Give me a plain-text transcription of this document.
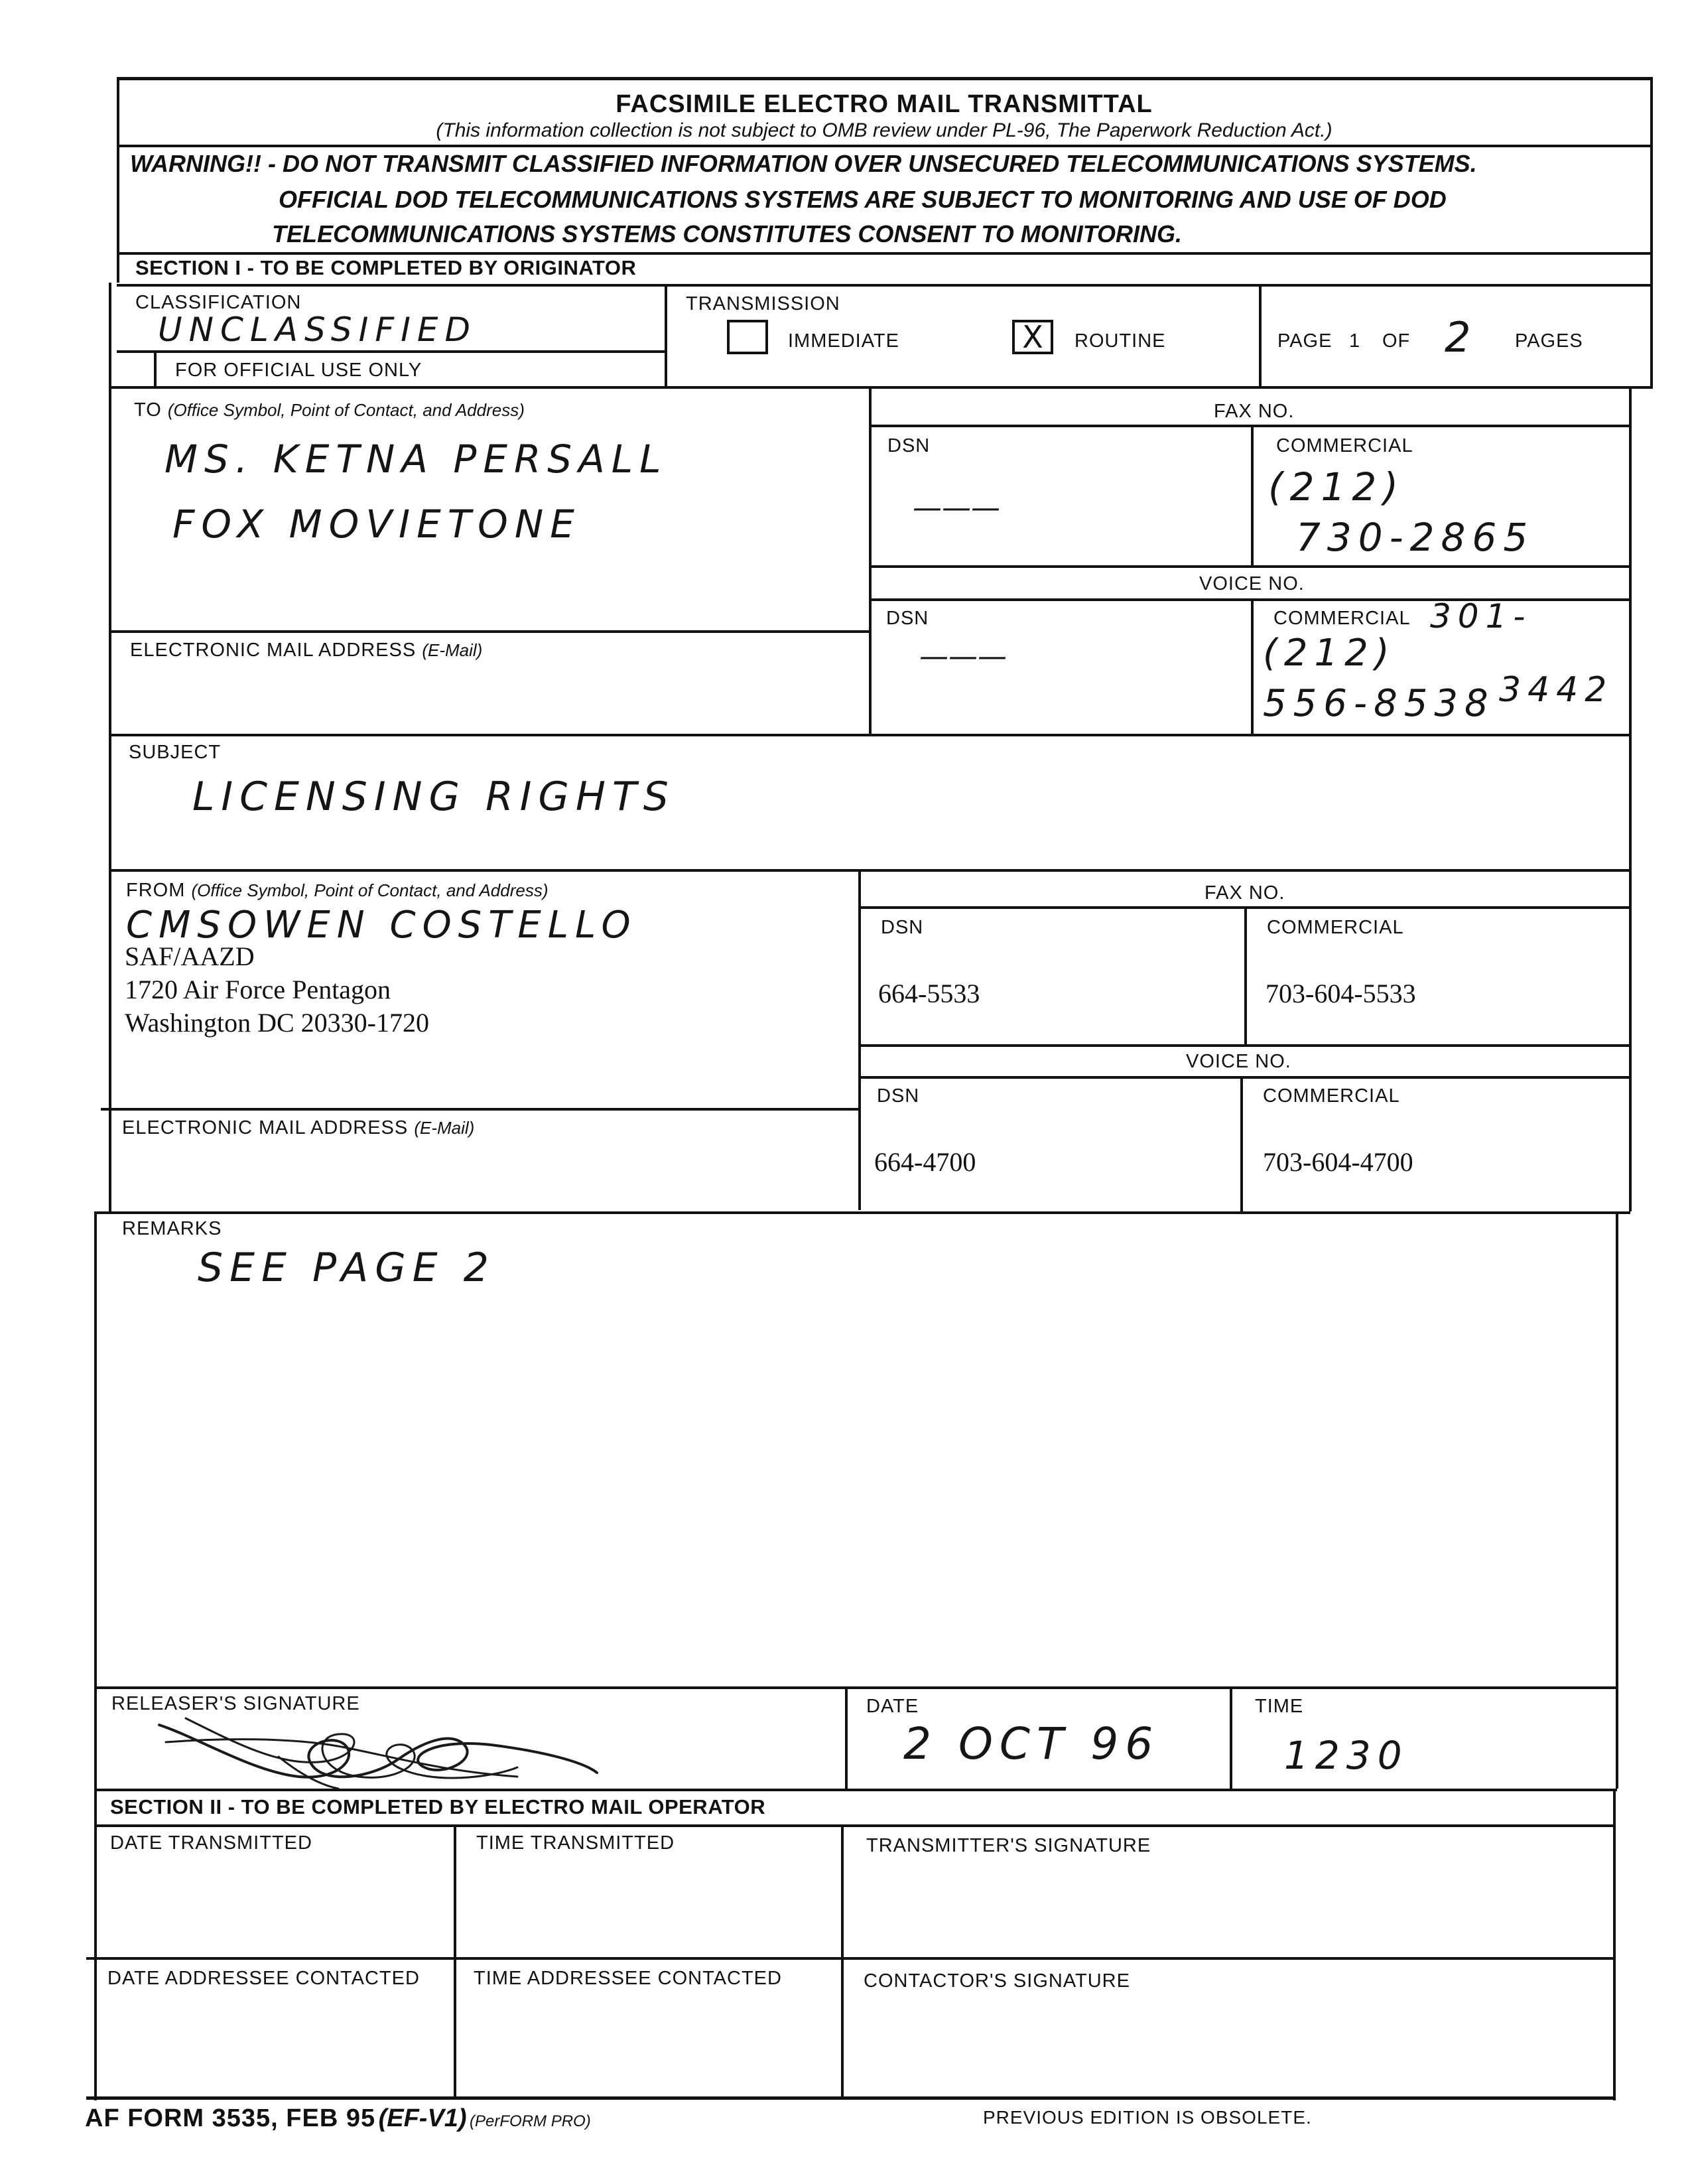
FACSIMILE ELECTRO MAIL TRANSMITTAL
(This information collection is not subject to OMB review under PL-96, The Paperwork Reduction Act.)
WARNING!! - DO NOT TRANSMIT CLASSIFIED INFORMATION OVER UNSECURED TELECOMMUNICATIONS SYSTEMS.
OFFICIAL DOD TELECOMMUNICATIONS SYSTEMS ARE SUBJECT TO MONITORING AND USE OF DOD
TELECOMMUNICATIONS SYSTEMS CONSTITUTES CONSENT TO MONITORING.
SECTION I - TO BE COMPLETED BY ORIGINATOR
CLASSIFICATION
UNCLASSIFIED
FOR OFFICIAL USE ONLY
TRANSMISSION
IMMEDIATE	X	ROUTINE	PAGE 1 OF 2 PAGES
TO (Office Symbol, Point of Contact, and Address)
MS. KETNA PERSALL
FOX MOVIETONE
ELECTRONIC MAIL ADDRESS (E-Mail)
FAX NO.
DSN
———
COMMERCIAL
(212)
730-2865
VOICE NO.
DSN
———
COMMERCIAL 301-
(212)
556-8538 3442
SUBJECT
LICENSING RIGHTS
FROM (Office Symbol, Point of Contact, and Address)
CMSOWEN COSTELLO
SAF/AAZD
1720 Air Force Pentagon
Washington DC 20330-1720
ELECTRONIC MAIL ADDRESS (E-Mail)
FAX NO.
DSN
664-5533
COMMERCIAL
703-604-5533
VOICE NO.
DSN
664-4700
COMMERCIAL
703-604-4700
REMARKS
SEE PAGE 2
RELEASER'S SIGNATURE	DATE
2 OCT 96
TIME
1230
SECTION II - TO BE COMPLETED BY ELECTRO MAIL OPERATOR
DATE TRANSMITTED	TIME TRANSMITTED	TRANSMITTER'S SIGNATURE
DATE ADDRESSEE CONTACTED	TIME ADDRESSEE CONTACTED	CONTACTOR'S SIGNATURE
AF FORM 3535, FEB 95 (EF-V1) (PerFORM PRO)	PREVIOUS EDITION IS OBSOLETE.
